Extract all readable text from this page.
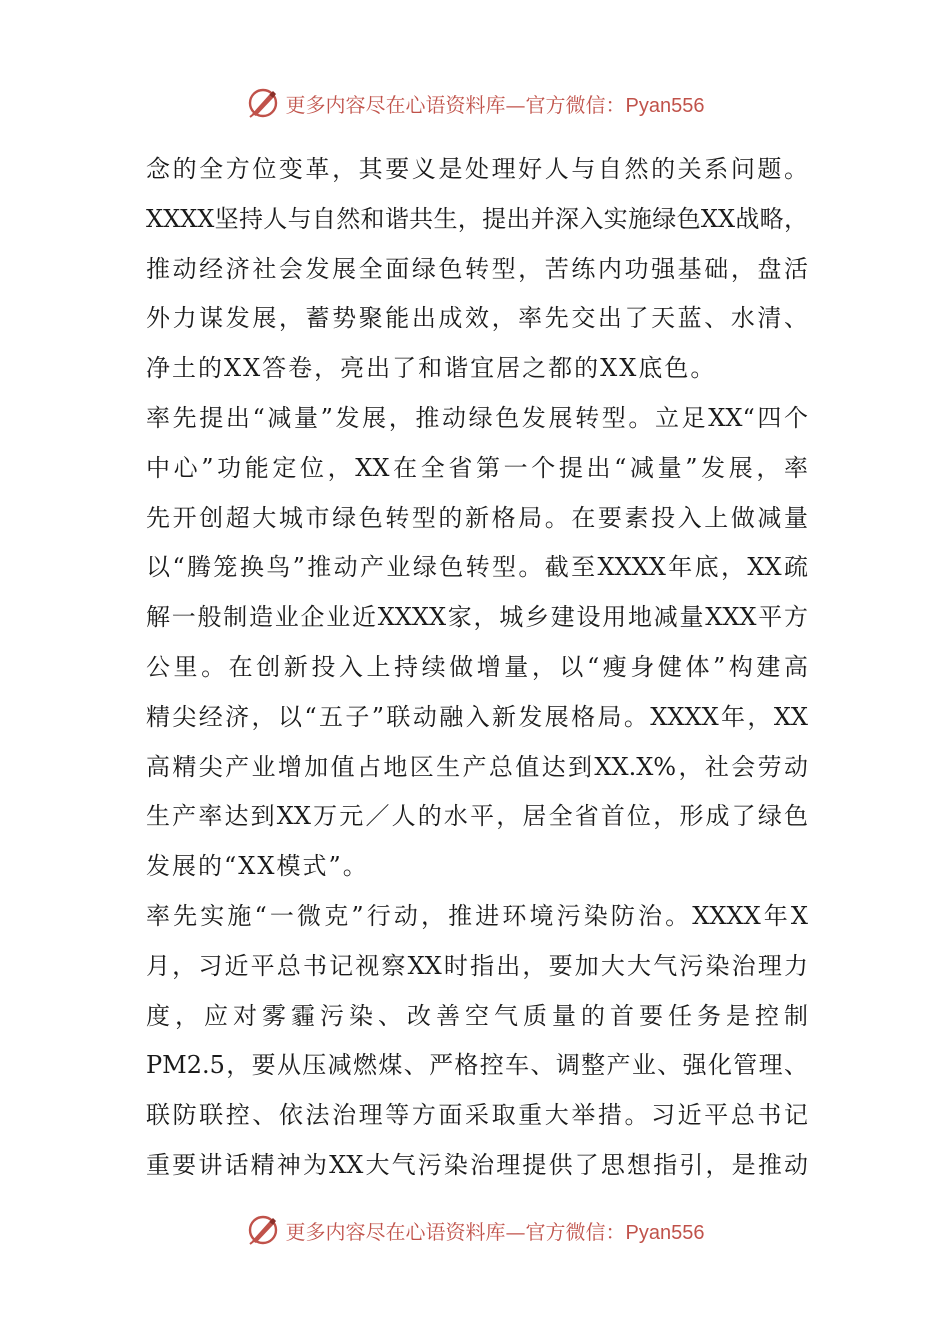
更多内容尽在心语资料库—官方微信：Pyan556
念的全方位变革，其要义是处理好人与自然的关系问题。
XXXX坚持人与自然和谐共生，提出并深入实施绿色XX战略，
推动经济社会发展全面绿色转型，苦练内功强基础，盘活
外力谋发展，蓄势聚能出成效，率先交出了天蓝、水清、
净土的XX答卷，亮出了和谐宜居之都的XX底色。
率先提出“减量”发展，推动绿色发展转型。立足XX“四个
中心”功能定位，XX在全省第一个提出“减量”发展，率
先开创超大城市绿色转型的新格局。在要素投入上做减量
以“腾笼换鸟”推动产业绿色转型。截至XXXX年底，XX疏
解一般制造业企业近XXXX家，城乡建设用地减量XXX平方
公里。在创新投入上持续做增量，以“瘦身健体”构建高
精尖经济，以“五子”联动融入新发展格局。XXXX年，XX
高精尖产业增加值占地区生产总值达到XX.X%，社会劳动
生产率达到XX万元／人的水平，居全省首位，形成了绿色
发展的“XX模式”。
率先实施“一微克”行动，推进环境污染防治。XXXX年X
月，习近平总书记视察XX时指出，要加大大气污染治理力
度，应对雾霾污染、改善空气质量的首要任务是控制
PM2.5，要从压减燃煤、严格控车、调整产业、强化管理、
联防联控、依法治理等方面采取重大举措。习近平总书记
重要讲话精神为XX大气污染治理提供了思想指引，是推动
更多内容尽在心语资料库—官方微信：Pyan556
